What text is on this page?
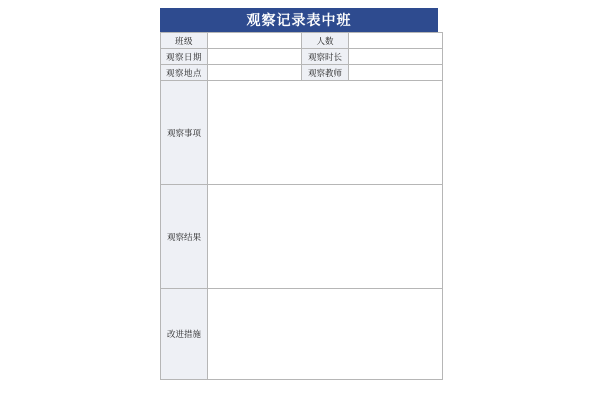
观察记录表中班
班级		人数	
观察日期		观察时长	
观察地点		观察教师	
观察事项			
观察结果			
改进措施			
